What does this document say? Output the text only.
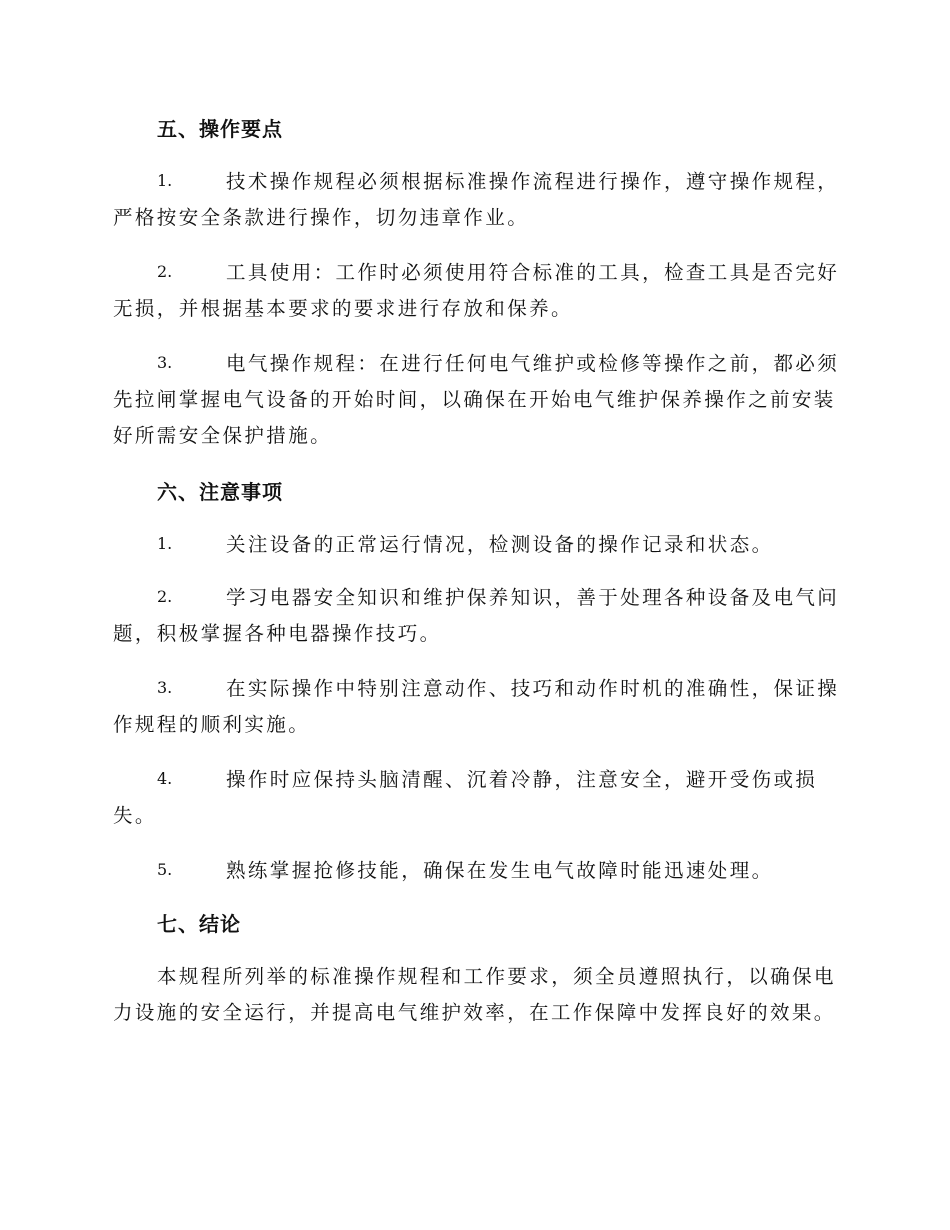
五、操作要点
1.	技术操作规程必须根据标准操作流程进行操作，遵守操作规程，
严格按安全条款进行操作，切勿违章作业。
2.	工具使用：工作时必须使用符合标准的工具，检查工具是否完好
无损，并根据基本要求的要求进行存放和保养。
3.	电气操作规程：在进行任何电气维护或检修等操作之前，都必须
先拉闸掌握电气设备的开始时间，以确保在开始电气维护保养操作之前安装
好所需安全保护措施。
六、注意事项
1.	关注设备的正常运行情况，检测设备的操作记录和状态。
2.	学习电器安全知识和维护保养知识，善于处理各种设备及电气问
题，积极掌握各种电器操作技巧。
3.	在实际操作中特别注意动作、技巧和动作时机的准确性，保证操
作规程的顺利实施。
4.	操作时应保持头脑清醒、沉着冷静，注意安全，避开受伤或损
失。
5.	熟练掌握抢修技能，确保在发生电气故障时能迅速处理。
七、结论
本规程所列举的标准操作规程和工作要求，须全员遵照执行，以确保电
力设施的安全运行，并提高电气维护效率，在工作保障中发挥良好的效果。
